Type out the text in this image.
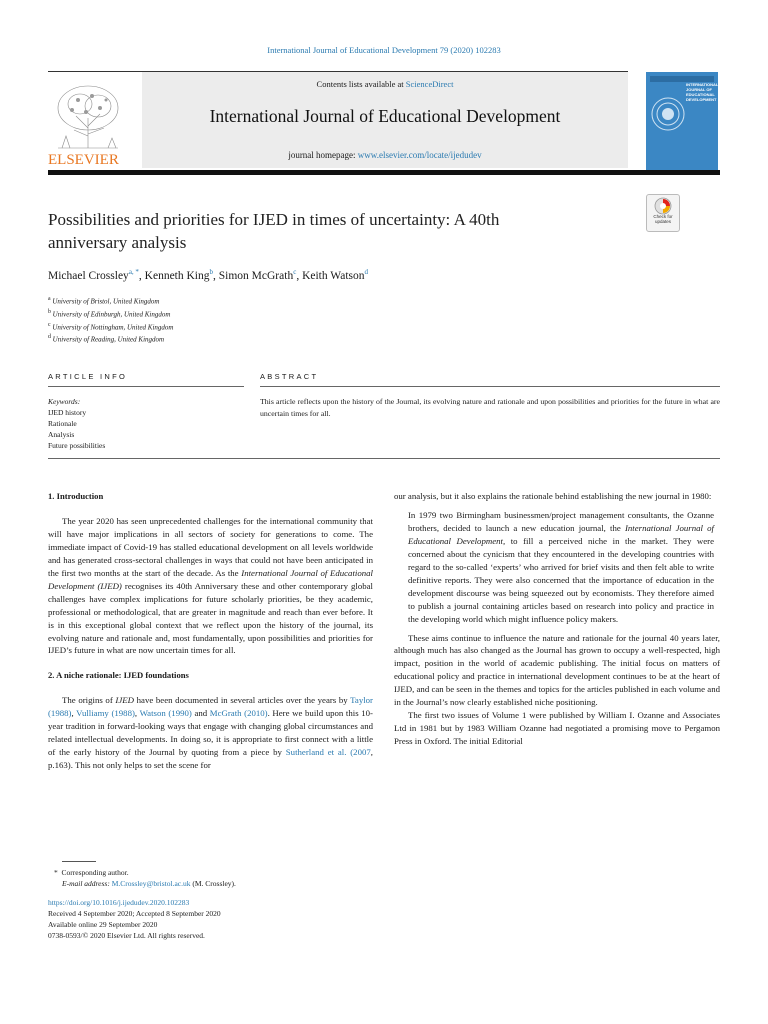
International Journal of Educational Development 79 (2020) 102283
ELSEVIER
Contents lists available at ScienceDirect
International Journal of Educational Development
journal homepage: www.elsevier.com/locate/ijedudev
INTERNATIONAL JOURNAL OF EDUCATIONAL DEVELOPMENT
Check for updates
Possibilities and priorities for IJED in times of uncertainty: A 40th
anniversary analysis
Michael Crossley$^{a, *}$, Kenneth King$^b$, Simon McGrath$^c$, Keith Watson$^d$
$^a$ University of Bristol, United Kingdom
$^b$ University of Edinburgh, United Kingdom
$^c$ University of Nottingham, United Kingdom
$^d$ University of Reading, United Kingdom
ARTICLE INFO	ABSTRACT
Keywords:
IJED history
Rationale
Analysis
Future possibilities
This article reflects upon the history of the Journal, its evolving nature and rationale and upon possibilities and priorities for the future in what are uncertain times for all.

1. Introduction

The year 2020 has seen unprecedented challenges for the international community that will have major implications in all sectors of society for generations to come. The immediate impact of Covid-19 has stalled educational development on all levels worldwide and has generated cross-sectoral challenges in ways that could not have been anticipated in the first two months at the start of the decade. As the International Journal of Educational Development (IJED) recognises its 40th Anniversary these and other contemporary global challenges have complex implications for future scholarly priorities, be they academic, professional or methodological, that are greater in magnitude and reach than ever before. It is in this exceptional global context that we reflect upon the history of the journal, its evolving nature and rationale and, most fundamentally, upon possibilities and priorities for IJED’s future in what are now uncertain times for all.

2. A niche rationale: IJED foundations

The origins of IJED have been documented in several articles over the years by Taylor (1988), Vulliamy (1988), Watson (1990) and McGrath (2010). Here we build upon this 10-year tradition in forward-looking ways that engage with changing global circumstances and related intellectual developments. In doing so, it is appropriate to first connect with a little of the early history of the Journal by quoting from a piece by Sutherland et al. (2007, p.163). This not only helps to set the scene for

our analysis, but it also explains the rationale behind establishing the new journal in 1980:

In 1979 two Birmingham businessmen/project management consultants, the Ozanne brothers, decided to launch a new education journal, the International Journal of Educational Development, to fill a perceived niche in the market. They were concerned about the cynicism that they encountered in the developing countries with regard to the so-called ‘experts’ who arrived for brief visits and then felt able to write definitive reports. They were also concerned that the importance of education in the development discourse was being squeezed out by economists. They therefore aimed to publish a journal containing articles based on research into policy and practice in the developing world which might influence policy makers.

These aims continue to influence the nature and rationale for the journal 40 years later, although much has also changed as the Journal has grown to occupy a well-respected, high impact, position in the world of academic publishing. The initial focus on matters of educational policy and practice in international development continues to be at the heart of IJED, and can be seen in the themes and topics for the articles published in each volume and in the Journal’s now clearly established niche positioning.

The first two issues of Volume 1 were published by William I. Ozanne and Associates Ltd in 1981 but by 1983 William Ozanne had negotiated a promising move to Pergamon Press in Oxford. The initial Editorial

* Corresponding author.
E-mail address: M.Crossley@bristol.ac.uk (M. Crossley).
https://doi.org/10.1016/j.ijedudev.2020.102283
Received 4 September 2020; Accepted 8 September 2020
Available online 29 September 2020
0738-0593/© 2020 Elsevier Ltd. All rights reserved.
